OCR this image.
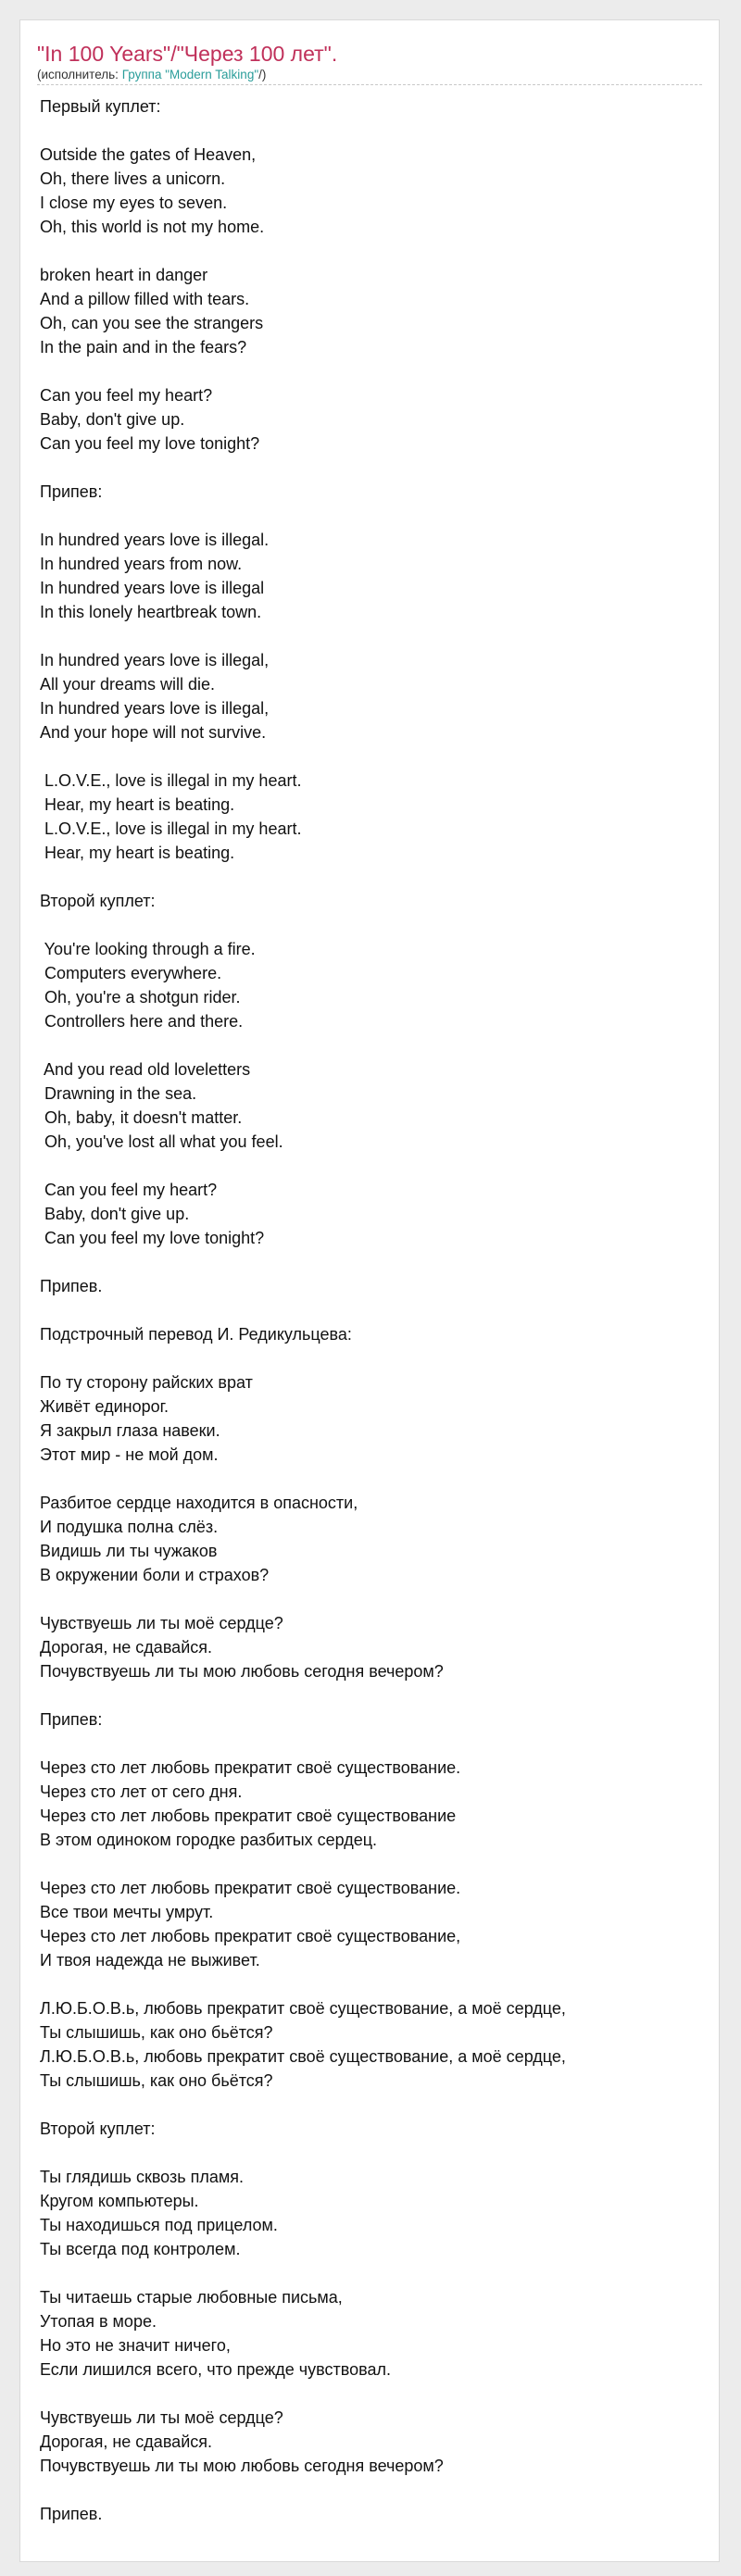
"In 100 Years"/"Через 100 лет".
(исполнитель: Группа "Modern Talking"/)
Первый куплет:
Outside the gates of Heaven,
Oh, there lives a unicorn.
I close my eyes to seven.
Oh, this world is not my home.
broken heart in danger
And a pillow filled with tears.
Oh, can you see the strangers
In the pain and in the fears?
Can you feel my heart?
Baby, don't give up.
Can you feel my love tonight?
Припев:
In hundred years love is illegal.
In hundred years from now.
In hundred years love is illegal
In this lonely heartbreak town.
In hundred years love is illegal,
All your dreams will die.
In hundred years love is illegal,
And your hope will not survive.
L.O.V.E., love is illegal in my heart.
Hear, my heart is beating.
L.O.V.E., love is illegal in my heart.
Hear, my heart is beating.
Второй куплет:
You're looking through a fire.
Computers everywhere.
Oh, you're a shotgun rider.
Controllers here and there.
And you read old loveletters
Drawning in the sea.
Oh, baby, it doesn't matter.
Oh, you've lost all what you feel.
Can you feel my heart?
Baby, don't give up.
Can you feel my love tonight?
Припев.
Подстрочный перевод И. Редикульцева:
По ту сторону райских врат
Живёт единорог.
Я закрыл глаза навеки.
Этот мир - не мой дом.
Разбитое сердце находится в опасности,
И подушка полна слёз.
Видишь ли ты чужаков
В окружении боли и страхов?
Чувствуешь ли ты моё сердце?
Дорогая, не сдавайся.
Почувствуешь ли ты мою любовь сегодня вечером?
Припев:
Через сто лет любовь прекратит своё существование.
Через сто лет от сего дня.
Через сто лет любовь прекратит своё существование
В этом одиноком городке разбитых сердец.
Через сто лет любовь прекратит своё существование.
Все твои мечты умрут.
Через сто лет любовь прекратит своё существование,
И твоя надежда не выживет.
Л.Ю.Б.О.В.ь, любовь прекратит своё существование, а моё сердце,
Ты слышишь, как оно бьётся?
Л.Ю.Б.О.В.ь, любовь прекратит своё существование, а моё сердце,
Ты слышишь, как оно бьётся?
Второй куплет:
Ты глядишь сквозь пламя.
Кругом компьютеры.
Ты находишься под прицелом.
Ты всегда под контролем.
Ты читаешь старые любовные письма,
Утопая в море.
Но это не значит ничего,
Если лишился всего, что прежде чувствовал.
Чувствуешь ли ты моё сердце?
Дорогая, не сдавайся.
Почувствуешь ли ты мою любовь сегодня вечером?
Припев.
